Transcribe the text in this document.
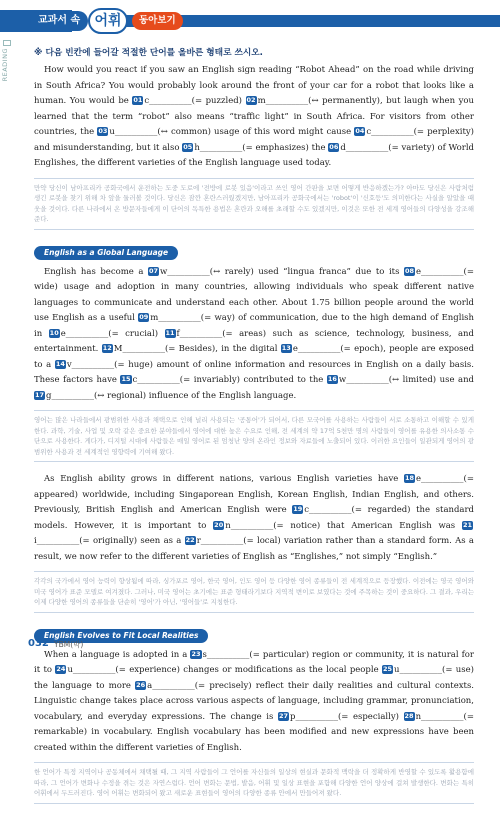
교과서 속	어휘	동아보기
READING	※ 다음 빈칸에 들어갈 적절한 단어를 올바른 형태로 쓰시오.

How would you react if you saw an English sign reading “Robot Ahead” on the road while driving in South Africa? You would probably look around the front of your car for a robot that looks like a human. You would be 01 c__________(= puzzled) 02 m__________(↔ permanently), but laugh when you learned that the term “robot” also means “traffic light” in South Africa. For visitors from other countries, the 03 u__________(↔ common) usage of this word might cause 04 c__________(= perplexity) and misunderstanding, but it also 05 h__________(= emphasizes) the 06 d__________(= variety) of World Englishes, the different varieties of the English language used today.

만약 당신이 남아프리카 공화국에서 운전하는 도중 도로에 '전방에 로봇 있음'이라고 쓰인 영어 간판을 보면 어떻게 반응하겠는가? 아마도 당신은 사람처럼 생긴 로봇을 찾기 위해 차 앞을 둘러볼 것이다. 당신은 잠깐 혼란스러웠겠지만, 남아프리카 공화국에서는 'robot'이 '신호등'도 의미한다는 사실을 알았을 때 웃을 것이다. 다른 나라에서 온 방문자들에게 이 단어의 독특한 용법은 혼란과 오해를 초래할 수도 있겠지만, 이것은 또한 전 세계 영어들의 다양성을 강조해 준다.
English as a Global Language

English has become a 07 w__________(↔ rarely) used “lingua franca” due to its 08 e__________(= wide) usage and adoption in many countries, allowing individuals who speak different native languages to communicate and understand each other. About 1.75 billion people around the world use English as a useful 09 m__________(= way) of communication, due to the high demand of English in 10 e__________(= crucial) 11 f__________(= areas) such as science, technology, business, and entertainment. 12 M__________(= Besides), in the digital 13 e__________(= epoch), people are exposed to a 14 v__________(= huge) amount of online information and resources in English on a daily basis. These factors have 15 c__________(= invariably) contributed to the 16 w__________(↔ limited) use and 17 g__________(↔ regional) influence of the English language.

영어는 많은 나라들에서 광범위한 사용과 채택으로 인해 널리 사용되는 '공통어'가 되어서, 다른 모국어를 사용하는 사람들이 서로 소통하고 이해할 수 있게 한다. 과학, 기술, 사업 및 오락 같은 중요한 분야들에서 영어에 대한 높은 수요로 인해, 전 세계의 약 17억 5천만 명의 사람들이 영어를 유용한 의사소통 수단으로 사용한다. 게다가, 디지털 시대에 사람들은 매일 영어로 된 엄청난 양의 온라인 정보와 자료들에 노출되어 있다. 이러한 요인들이 일관되게 영어의 광범위한 사용과 전 세계적인 영향력에 기여해 왔다.

As English ability grows in different nations, various English varieties have 18 e__________(= appeared) worldwide, including Singaporean English, Korean English, Indian English, and others. Previously, British English and American English were 19 c__________(= regarded) the standard models. However, it is important to 20 n__________(= notice) that American English was 21i__________(= originally) seen as a 22 r__________(= local) variation rather than a standard form. As a result, we now refer to the different varieties of English as “Englishes,” not simply “English.”

각각의 국가에서 영어 능력이 향상됨에 따라, 싱가포르 영어, 한국 영어, 인도 영어 등 다양한 영어 종류들이 전 세계적으로 등장했다. 이전에는 영국 영어와 미국 영어가 표준 모델로 여겨졌다. 그러나, 미국 영어는 초기에는 표준 형태라기보다 지역적 변이로 보였다는 것에 주목하는 것이 중요하다. 그 결과, 우리는 이제 다양한 영어의 종류들을 단순히 '영어'가 아닌, '영어들'로 지칭한다.
English Evolves to Fit Local Realities

When a language is adopted in a 23 s__________(= particular) region or community, it is natural for it to 24 u__________(= experience) changes or modifications as the local people 25 u__________(= use) the language to more 26 a__________(= precisely) reflect their daily realities and cultural contexts. Linguistic change takes place across various aspects of language, including grammar, pronunciation, vocabulary, and everyday expressions. The change is 27 p__________(= especially) 28 n__________(= remarkable) in vocabulary. English vocabulary has been modified and new expressions have been created within the different varieties of English.

한 언어가 특정 지역이나 공동체에서 채택될 때, 그 지역 사람들이 그 언어를 자신들의 일상의 현실과 문화적 맥락을 더 정확하게 반영할 수 있도록 활용함에 따라, 그 언어가 변화나 수정을 겪는 것은 자연스럽다. 언어 변화는 문법, 발음, 어휘 및 일상 표현을 포함해 다양한 언어 양상에 걸쳐 발생한다. 변화는 특히 어휘에서 두드러진다. 영어 어휘는 변화되어 왔고 새로운 표현들이 영어의 다양한 종류 안에서 만들어져 왔다.
032 YBM(박)
